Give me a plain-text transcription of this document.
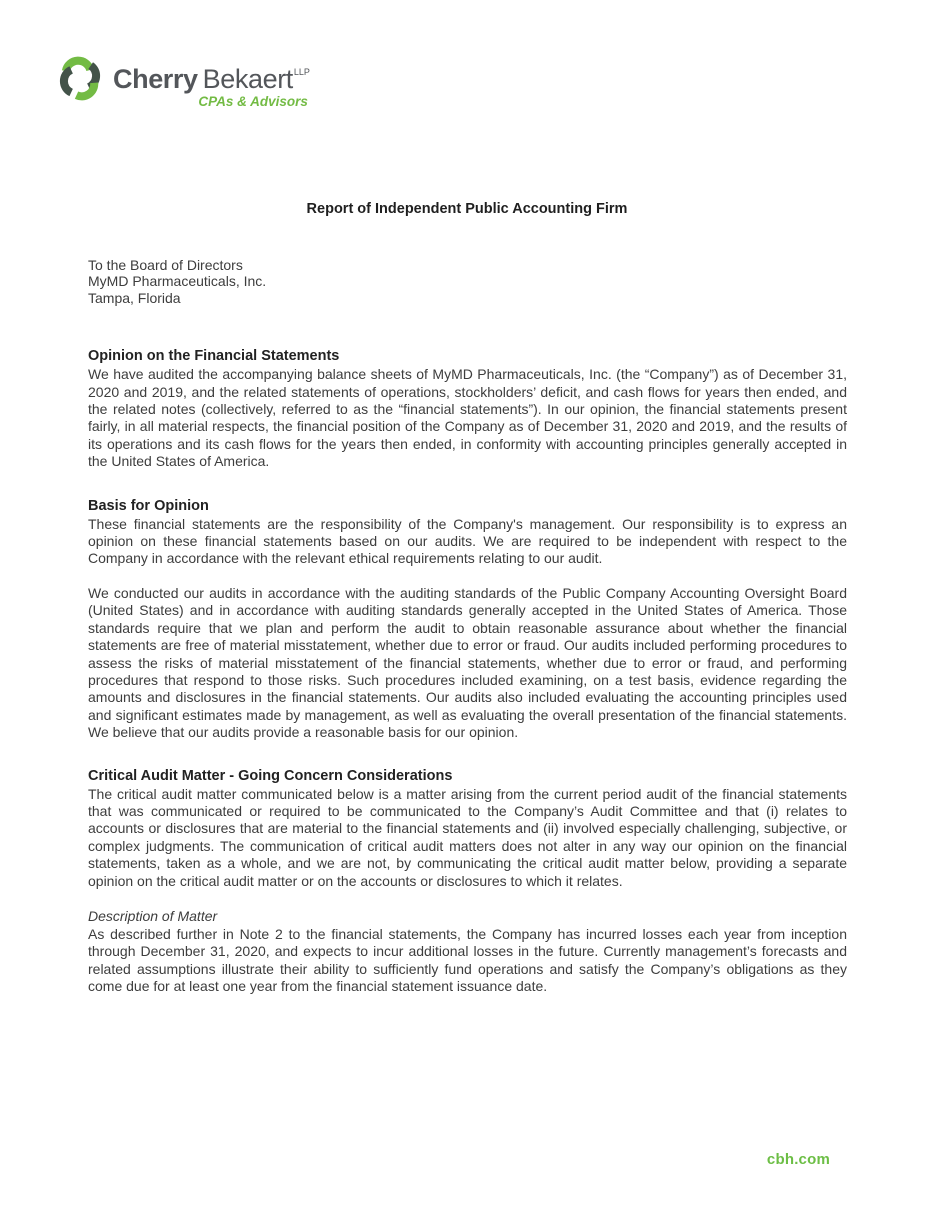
Cherry Bekaert$^{LLP}$
CPAs & Advisors
Report of Independent Public Accounting Firm
To the Board of Directors
MyMD Pharmaceuticals, Inc.
Tampa, Florida
Opinion on the Financial Statements

We have audited the accompanying balance sheets of MyMD Pharmaceuticals, Inc. (the “Company”) as of December 31, 2020 and 2019, and the related statements of operations, stockholders’ deficit, and cash flows for years then ended, and the related notes (collectively, referred to as the “financial statements”). In our opinion, the financial statements present fairly, in all material respects, the financial position of the Company as of December 31, 2020 and 2019, and the results of its operations and its cash flows for the years then ended, in conformity with accounting principles generally accepted in the United States of America.

Basis for Opinion

These financial statements are the responsibility of the Company's management. Our responsibility is to express an opinion on these financial statements based on our audits. We are required to be independent with respect to the Company in accordance with the relevant ethical requirements relating to our audit.

We conducted our audits in accordance with the auditing standards of the Public Company Accounting Oversight Board (United States) and in accordance with auditing standards generally accepted in the United States of America. Those standards require that we plan and perform the audit to obtain reasonable assurance about whether the financial statements are free of material misstatement, whether due to error or fraud. Our audits included performing procedures to assess the risks of material misstatement of the financial statements, whether due to error or fraud, and performing procedures that respond to those risks. Such procedures included examining, on a test basis, evidence regarding the amounts and disclosures in the financial statements. Our audits also included evaluating the accounting principles used and significant estimates made by management, as well as evaluating the overall presentation of the financial statements. We believe that our audits provide a reasonable basis for our opinion.

Critical Audit Matter - Going Concern Considerations

The critical audit matter communicated below is a matter arising from the current period audit of the financial statements that was communicated or required to be communicated to the Company’s Audit Committee and that (i) relates to accounts or disclosures that are material to the financial statements and (ii) involved especially challenging, subjective, or complex judgments. The communication of critical audit matters does not alter in any way our opinion on the financial statements, taken as a whole, and we are not, by communicating the critical audit matter below, providing a separate opinion on the critical audit matter or on the accounts or disclosures to which it relates.

Description of Matter

As described further in Note 2 to the financial statements, the Company has incurred losses each year from inception through December 31, 2020, and expects to incur additional losses in the future. Currently management’s forecasts and related assumptions illustrate their ability to sufficiently fund operations and satisfy the Company’s obligations as they come due for at least one year from the financial statement issuance date.

cbh.com
